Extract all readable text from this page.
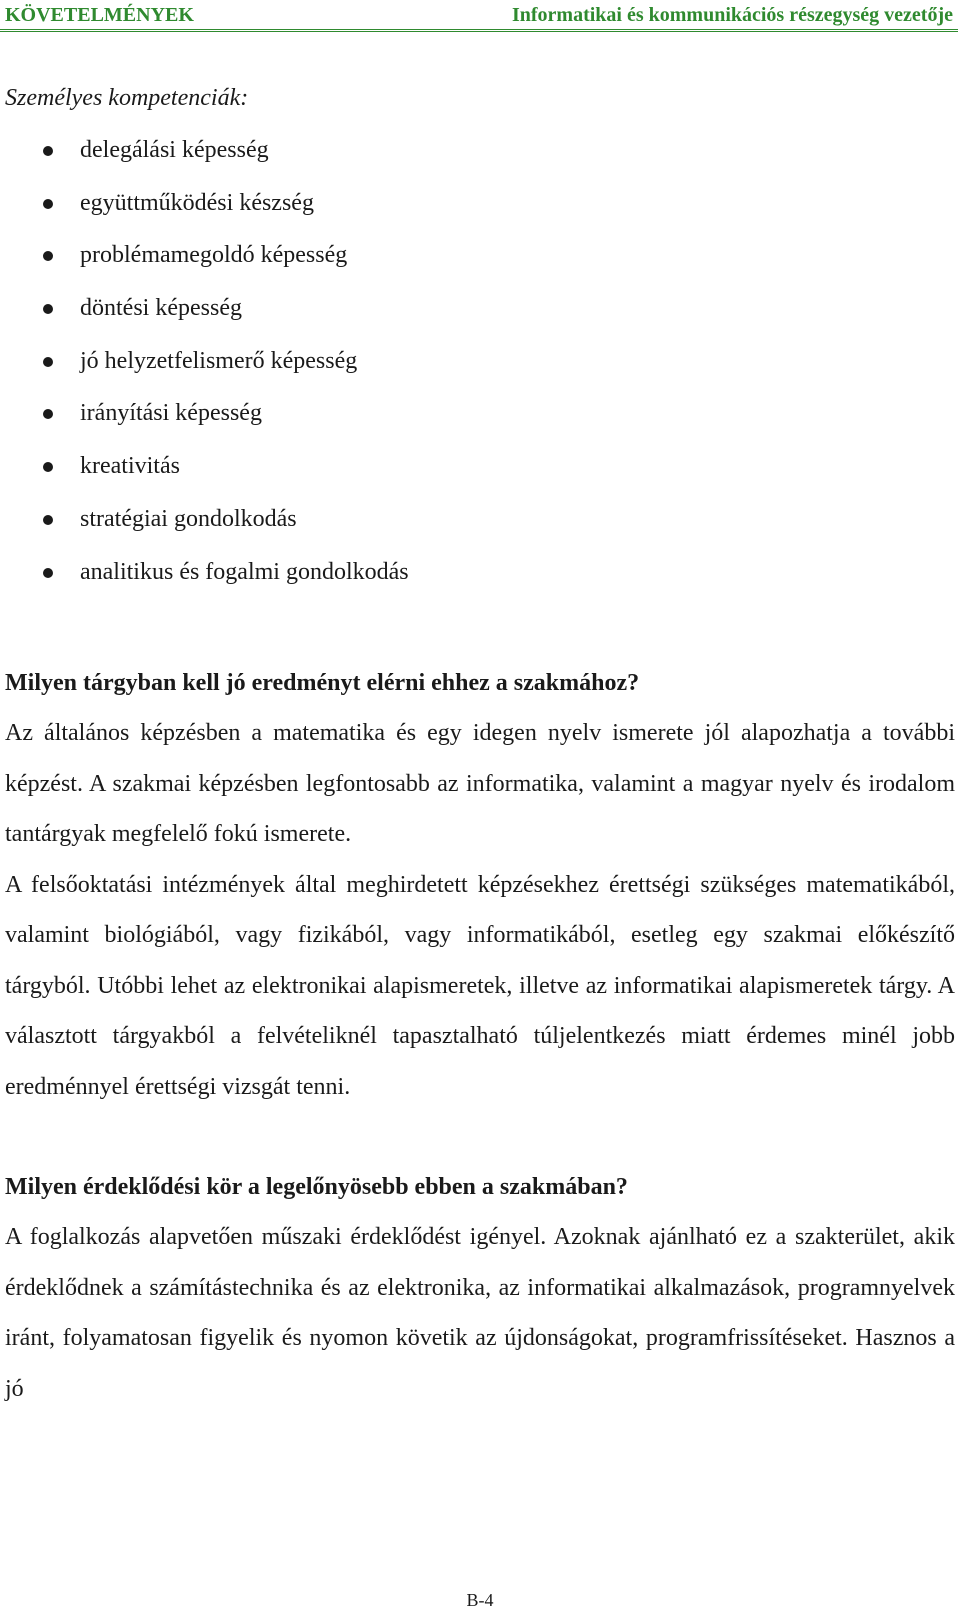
KÖVETELMÉNYEK	Informatikai és kommunikációs részegység vezetője

Személyes kompetenciák:

delegálási képesség
együttműködési készség
problémamegoldó képesség
döntési képesség
jó helyzetfelismerő képesség
irányítási képesség
kreativitás
stratégiai gondolkodás
analitikus és fogalmi gondolkodás

Milyen tárgyban kell jó eredményt elérni ehhez a szakmához?

Az általános képzésben a matematika és egy idegen nyelv ismerete jól alapozhatja a további képzést. A szakmai képzésben legfontosabb az informatika, valamint a magyar nyelv és irodalom tantárgyak megfelelő fokú ismerete.

A felsőoktatási intézmények által meghirdetett képzésekhez érettségi szükséges matematikából, valamint biológiából, vagy fizikából, vagy informatikából, esetleg egy szakmai előkészítő tárgyból. Utóbbi lehet az elektronikai alapismeretek, illetve az informatikai alapismeretek tárgy. A választott tárgyakból a felvételiknél tapasztalható túljelentkezés miatt érdemes minél jobb eredménnyel érettségi vizsgát tenni.

Milyen érdeklődési kör a legelőnyösebb ebben a szakmában?

A foglalkozás alapvetően műszaki érdeklődést igényel. Azoknak ajánlható ez a szakterület, akik érdeklődnek a számítástechnika és az elektronika, az informatikai alkalmazások, programnyelvek iránt, folyamatosan figyelik és nyomon követik az újdonságokat, programfrissítéseket. Hasznos a jó

B-4
